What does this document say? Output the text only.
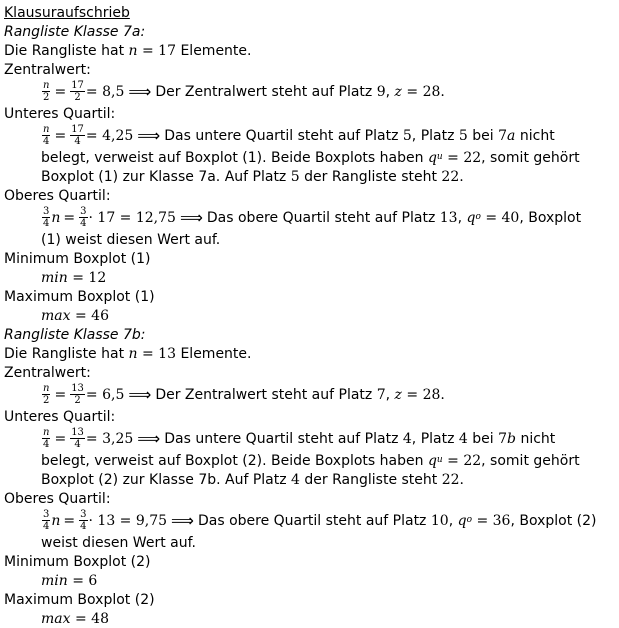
Klausuraufschrieb
Rangliste Klasse 7a:
Die Rangliste hat
n
= 17
Elemente.
Zentralwert:
$\frac{n}{2} = \frac{17}{2} = 8,5$ ⟹ Der Zentralwert steht auf Platz
9 ,
z
= 28.
Unteres Quartil:
$\frac{n}{4} = \frac{17}{4} = 4,25$ ⟹ Das untere Quartil steht auf Platz
5 , Platz
5
bei
7 a
nicht
belegt, verweist auf Boxplot (1). Beide Boxplots haben
q u
= 22 , somit gehört
Boxplot (1) zur Klasse 7a. Auf Platz
5
der Rangliste steht
22.
Oberes Quartil:
$\frac{3}{4}$ $n = \frac{3}{4} \cdot 17 = 12,75$ ⟹ Das obere Quartil steht auf Platz
13 ,
q o
= 40 , Boxplot
(1) weist diesen Wert auf.
Minimum Boxplot (1)
min
= 12
Maximum Boxplot (1)
max
= 46
Rangliste Klasse 7b:
Die Rangliste hat
n
= 13
Elemente.
Zentralwert:
$\frac{n}{2} = \frac{13}{2} = 6,5$ ⟹ Der Zentralwert steht auf Platz
7 ,
z
= 28.
Unteres Quartil:
$\frac{n}{4} = \frac{13}{4} = 3,25$ ⟹ Das untere Quartil steht auf Platz
4 , Platz
4
bei
7 b
nicht
belegt, verweist auf Boxplot (2). Beide Boxplots haben
q u
= 22 , somit gehört
Boxplot (2) zur Klasse 7b. Auf Platz
4
der Rangliste steht
22.
Oberes Quartil:
$\frac{3}{4}$ $n = \frac{3}{4} \cdot 13 = 9,75$ ⟹ Das obere Quartil steht auf Platz
10 ,
q o
= 36 , Boxplot (2)
weist diesen Wert auf.
Minimum Boxplot (2)
min
= 6
Maximum Boxplot (2)
max
= 48
